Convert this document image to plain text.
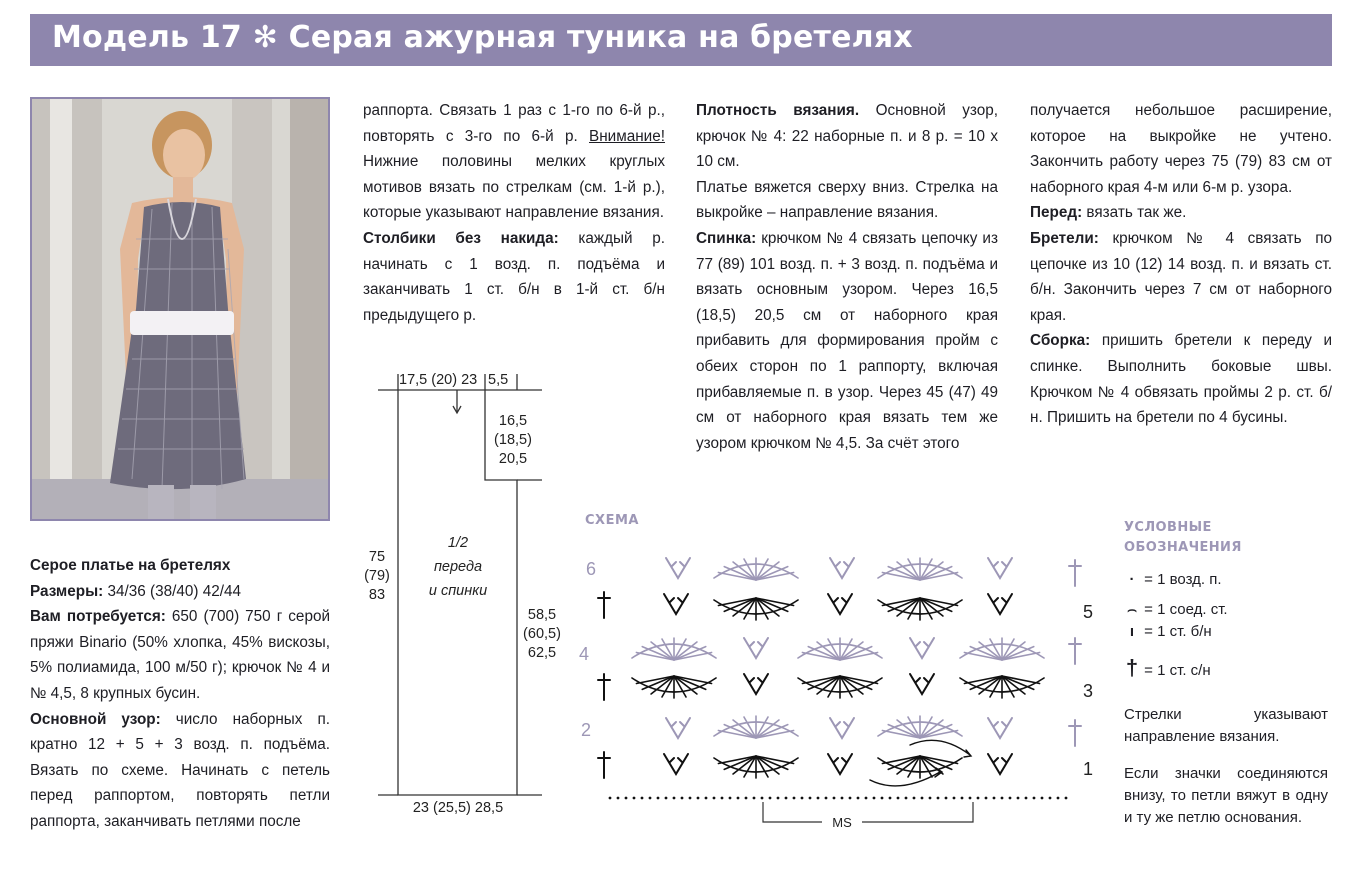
Модель 17 ✻ Серая ажурная туника на бретелях

Серое платье на бретелях

Размеры: 34/36 (38/40) 42/44

Вам потребуется: 650 (700) 750 г серой пряжи Binario (50% хлопка, 45% вискозы, 5% полиамида, 100 м/50 г); крючок № 4 и № 4,5, 8 крупных бусин.

Основной узор: число наборных п. кратно 12 + 5 + 3 возд. п. подъёма. Вязать по схеме. Начинать с петель перед раппортом, повторять петли раппорта, заканчивать петлями после

раппорта. Связать 1 раз с 1-го по 6-й р., повторять с 3-го по 6-й р. Внимание! Нижние половины мелких круглых мотивов вязать по стрелкам (см. 1-й р.), которые указывают направление вязания.

Столбики без накида: каждый р. начинать с 1 возд. п. подъёма и заканчивать 1 ст. б/н в 1-й ст. б/н предыдущего р.

Плотность вязания. Основной узор, крючок № 4: 22 наборные п. и 8 р. = 10 х 10 см.

Платье вяжется сверху вниз. Стрелка на выкройке – направление вязания.

Спинка: крючком № 4 связать цепочку из 77 (89) 101 возд. п. + 3 возд. п. подъёма и вязать основным узором. Через 16,5 (18,5) 20,5 см от наборного края прибавить для формирования пройм с обеих сторон по 1 раппорту, включая прибавляемые п. в узор. Через 45 (47) 49 см от наборного края вязать тем же узором крючком № 4,5. За счёт этого

получается небольшое расширение, которое на выкройке не учтено. Закончить работу через 75 (79) 83 см от наборного края 4-м или 6-м р. узора.

Перед: вязать так же.

Бретели: крючком № 4 связать по цепочке из 10 (12) 14 возд. п. и вязать ст. б/н. Закончить через 7 см от наборного края.

Сборка: пришить бретели к переду и спинке. Выполнить боковые швы. Крючком № 4 обвязать проймы 2 р. ст. б/н. Пришить на бретели по 4 бусины.

17,5 (20) 23 5,5
16,5
(18,5)
20,5
75
(79)
83
58,5
(60,5)
62,5
1/2
переда
и спинки
23 (25,5) 28,5
СХЕМА
6
5
4
3
2
1
MS
УСЛОВНЫЕ
ОБОЗНАЧЕНИЯ
· = 1 возд. п.
⌢ = 1 соед. ст.
ı = 1 ст. б/н
† = 1 ст. с/н
Стрелки указывают направление вязания.
Если значки соединяются внизу, то петли вяжут в одну и ту же петлю основания.
